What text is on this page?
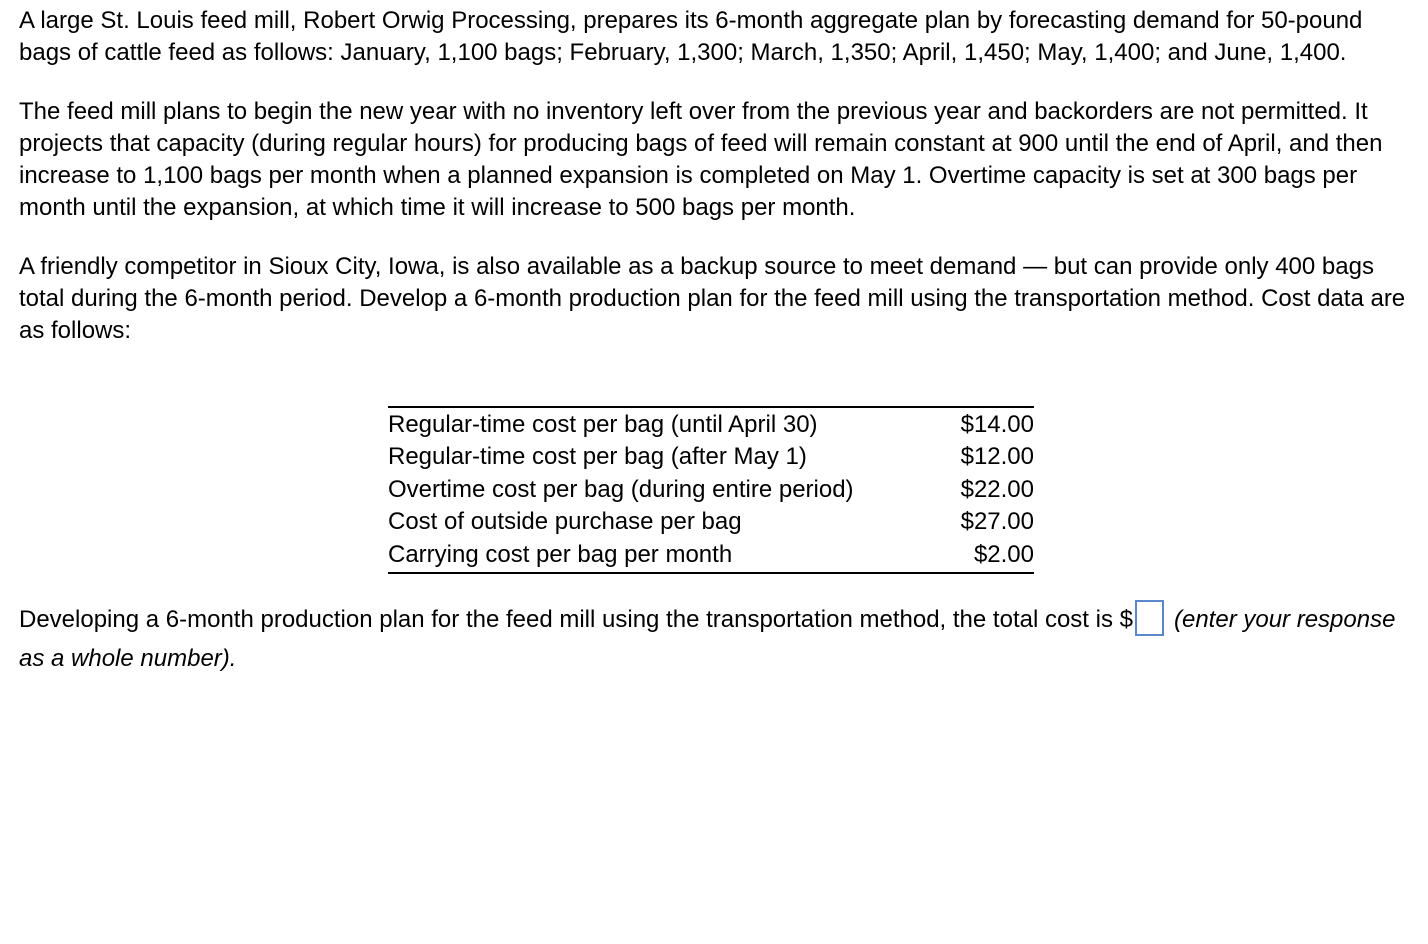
A large St. Louis feed mill, Robert Orwig Processing, prepares its 6-month aggregate plan by forecasting demand for 50-pound bags of cattle feed as follows: January, 1,100 bags; February, 1,300; March, 1,350; April, 1,450; May, 1,400; and June, 1,400.

The feed mill plans to begin the new year with no inventory left over from the previous year and backorders are not permitted. It projects that capacity (during regular hours) for producing bags of feed will remain constant at 900 until the end of April, and then increase to 1,100 bags per month when a planned expansion is completed on May 1. Overtime capacity is set at 300 bags per month until the expansion, at which time it will increase to 500 bags per month.

A friendly competitor in Sioux City, Iowa, is also available as a backup source to meet demand — but can provide only 400 bags total during the 6-month period. Develop a 6-month production plan for the feed mill using the transportation method. Cost data are as follows:

Regular-time cost per bag (until April 30)	$14.00
Regular-time cost per bag (after May 1)	$12.00
Overtime cost per bag (during entire period)	$22.00
Cost of outside purchase per bag	$27.00
Carrying cost per bag per month	$2.00
Developing a 6-month production plan for the feed mill using the transportation method, the total cost is $ (enter your response as a whole number).
